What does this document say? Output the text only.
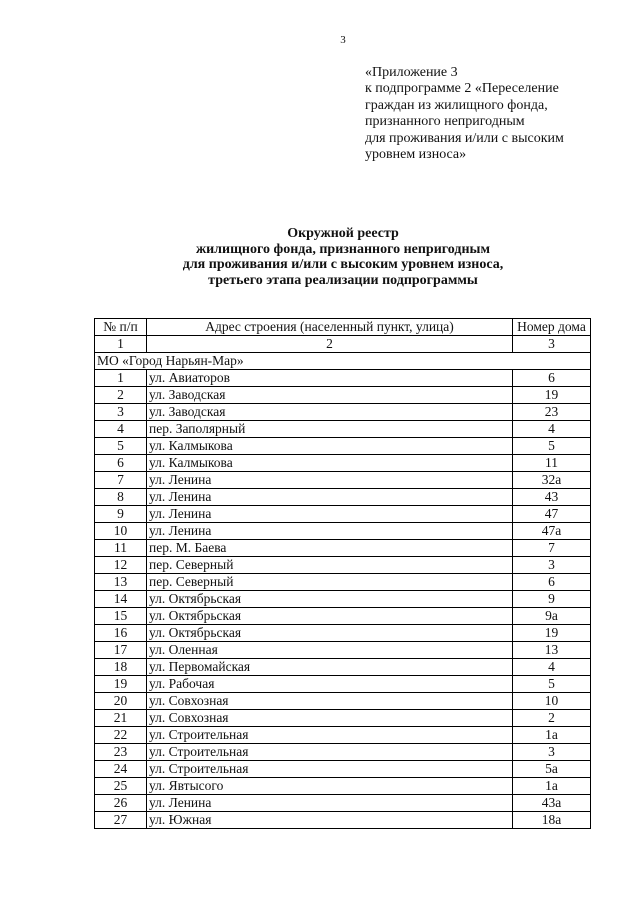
3
«Приложение 3
к подпрограмме 2 «Переселение
граждан из жилищного фонда,
признанного непригодным
для проживания и/или с высоким
уровнем износа»
Окружной реестр
жилищного фонда, признанного непригодным
для проживания и/или с высоким уровнем износа,
третьего этапа реализации подпрограммы
№ п/п	Адрес строения (населенный пункт, улица)	Номер дома
1	2	3
МО «Город Нарьян-Мар»		
1	ул. Авиаторов	6
2	ул. Заводская	19
3	ул. Заводская	23
4	пер. Заполярный	4
5	ул. Калмыкова	5
6	ул. Калмыкова	11
7	ул. Ленина	32а
8	ул. Ленина	43
9	ул. Ленина	47
10	ул. Ленина	47а
11	пер. М. Баева	7
12	пер. Северный	3
13	пер. Северный	6
14	ул. Октябрьская	9
15	ул. Октябрьская	9а
16	ул. Октябрьская	19
17	ул. Оленная	13
18	ул. Первомайская	4
19	ул. Рабочая	5
20	ул. Совхозная	10
21	ул. Совхозная	2
22	ул. Строительная	1а
23	ул. Строительная	3
24	ул. Строительная	5а
25	ул. Явтысого	1а
26	ул. Ленина	43а
27	ул. Южная	18а
